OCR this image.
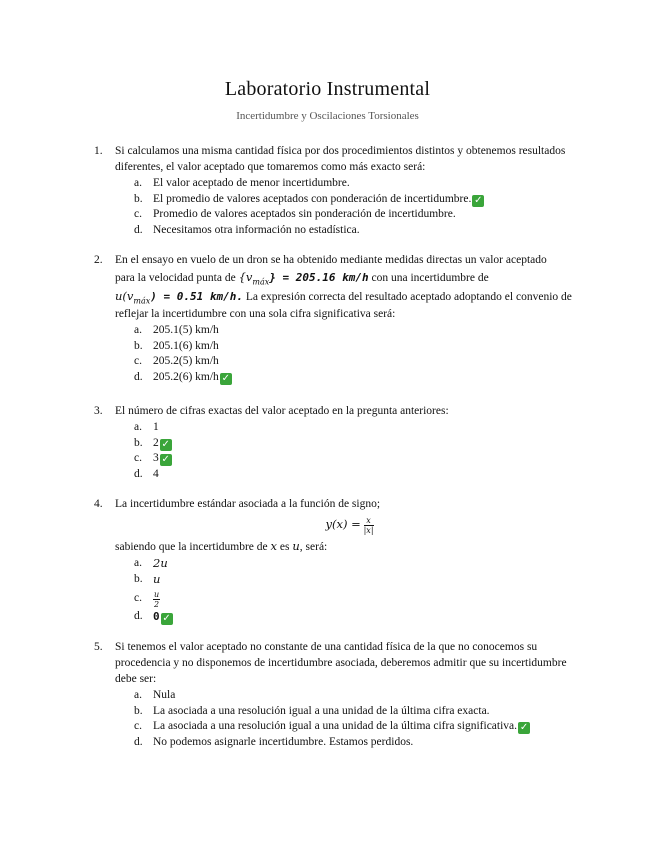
Laboratorio Instrumental
Incertidumbre y Oscilaciones Torsionales
1. Si calculamos una misma cantidad física por dos procedimientos distintos y obtenemos resultados
diferentes, el valor aceptado que tomaremos como más exacto será:
a. El valor aceptado de menor incertidumbre.
b. El promedio de valores aceptados con ponderación de incertidumbre. ✓
c. Promedio de valores aceptados sin ponderación de incertidumbre.
d. Necesitamos otra información no estadística.
2. En el ensayo en vuelo de un dron se ha obtenido mediante medidas directas un valor aceptado
para la velocidad punta de $\{v_{máx}\} = 205.16$ km/h con una incertidumbre de
$u(v_{máx}) = 0.51$ km/h. La expresión correcta del resultado aceptado adoptando el convenio de
reflejar la incertidumbre con una sola cifra significativa será:
a. 205.1(5) km/h
b. 205.1(6) km/h
c. 205.2(5) km/h
d. 205.2(6) km/h ✓
3. El número de cifras exactas del valor aceptado en la pregunta anteriores:
a. 1
b. 2 ✓
c. 3 ✓
d. 4
4. La incertidumbre estándar asociada a la función de signo;
$y(x) = \frac{x}{|x|}$
sabiendo que la incertidumbre de x es u, será:
a. 2u
b. u
c. $\frac{u}{2}$
d. 0 ✓
5. Si tenemos el valor aceptado no constante de una cantidad física de la que no conocemos su
procedencia y no disponemos de incertidumbre asociada, deberemos admitir que su incertidumbre
debe ser:
a. Nula
b. La asociada a una resolución igual a una unidad de la última cifra exacta.
c. La asociada a una resolución igual a una unidad de la última cifra significativa. ✓
d. No podemos asignarle incertidumbre. Estamos perdidos.
